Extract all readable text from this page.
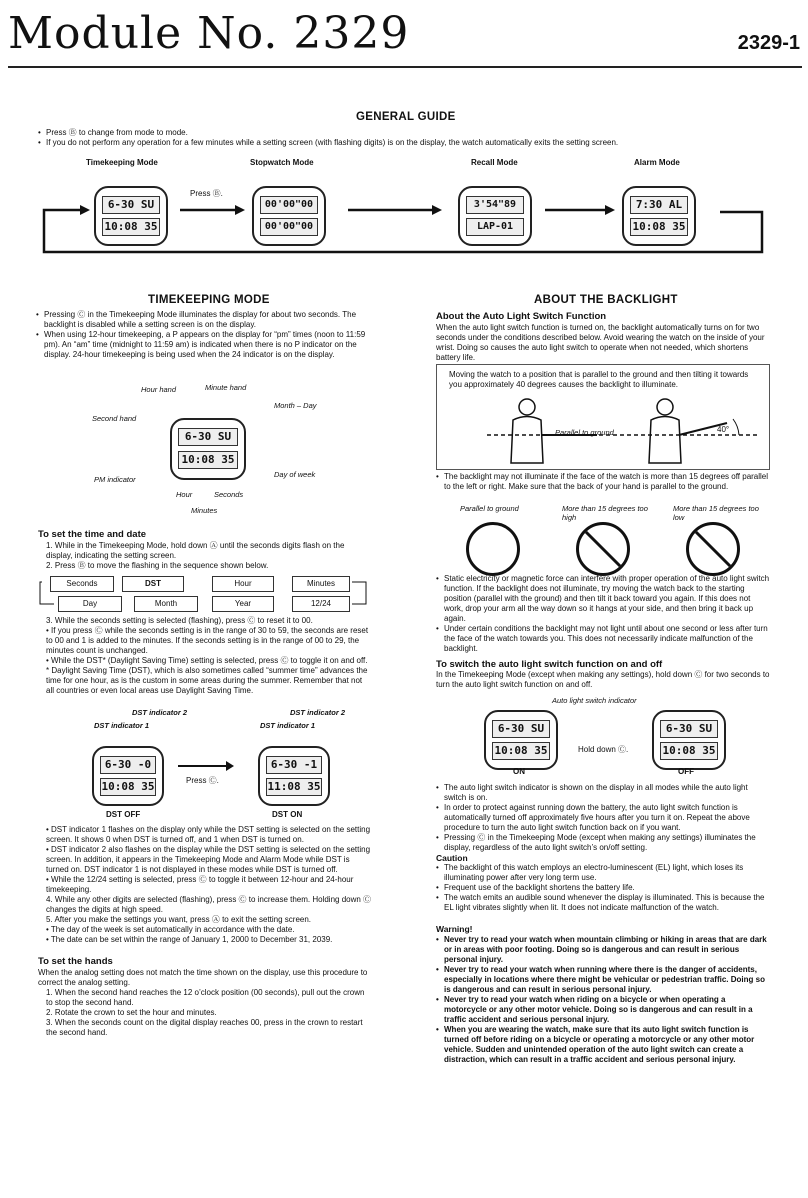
Module No. 2329	2329-1
GENERAL GUIDE
• Press Ⓑ to change from mode to mode.
• If you do not perform any operation for a few minutes while a setting screen (with flashing digits) is on the display, the watch automatically exits the setting screen.
Timekeeping Mode	Stopwatch Mode	Recall Mode	Alarm Mode
Press Ⓑ.
6-30 SU
10:08 35
00'00"00
00'00"00
3'54"89
LAP-01
7:30 AL
10:08 35
TIMEKEEPING MODE
• Pressing Ⓒ in the Timekeeping Mode illuminates the display for about two seconds. The backlight is disabled while a setting screen is on the display.
• When using 12-hour timekeeping, a P appears on the display for “pm” times (noon to 11:59 pm). An “am” time (midnight to 11:59 am) is indicated when there is no P indicator on the display. 24-hour timekeeping is being used when the 24 indicator is on the display.
Hour hand	Minute hand
Second hand
Month – Day
PM indicator
Day of week
Hour	Seconds
Minutes
6-30 SU
10:08 35
To set the time and date
1. While in the Timekeeping Mode, hold down Ⓐ until the seconds digits flash on the display, indicating the setting screen.
2. Press Ⓑ to move the flashing in the sequence shown below.
Seconds	DST	Hour	Minutes
Day	Month	Year	12/24
3. While the seconds setting is selected (flashing), press Ⓒ to reset it to 00.
• If you press Ⓒ while the seconds setting is in the range of 30 to 59, the seconds are reset to 00 and 1 is added to the minutes. If the seconds setting is in the range of 00 to 29, the minutes count is unchanged.
• While the DST* (Daylight Saving Time) setting is selected, press Ⓒ to toggle it on and off.
* Daylight Saving Time (DST), which is also sometimes called “summer time” advances the time for one hour, as is the custom in some areas during the summer. Remember that not all countries or even local areas use Daylight Saving Time.
DST indicator 2
DST indicator 1
DST indicator 2
DST indicator 1
6-30 -0
10:08 35	Press Ⓒ.
6-30 -1
11:08 35
DST OFF	DST ON
• DST indicator 1 flashes on the display only while the DST setting is selected on the setting screen. It shows 0 when DST is turned off, and 1 when DST is turned on.
• DST indicator 2 also flashes on the display while the DST setting is selected on the setting screen. In addition, it appears in the Timekeeping Mode and Alarm Mode while DST is turned on. DST indicator 1 is not displayed in these modes while DST is turned off.
• While the 12/24 setting is selected, press Ⓒ to toggle it between 12-hour and 24-hour timekeeping.
4. While any other digits are selected (flashing), press Ⓒ to increase them. Holding down Ⓒ changes the digits at high speed.
5. After you make the settings you want, press Ⓐ to exit the setting screen.
• The day of the week is set automatically in accordance with the date.
• The date can be set within the range of January 1, 2000 to December 31, 2039.
To set the hands
When the analog setting does not match the time shown on the display, use this procedure to correct the analog setting.
1. When the second hand reaches the 12 o’clock position (00 seconds), pull out the crown to stop the second hand.
2. Rotate the crown to set the hour and minutes.
3. When the seconds count on the digital display reaches 00, press in the crown to restart the second hand.
ABOUT THE BACKLIGHT
About the Auto Light Switch Function
When the auto light switch function is turned on, the backlight automatically turns on for two seconds under the conditions described below. Avoid wearing the watch on the inside of your wrist. Doing so causes the auto light switch to operate when not needed, which shortens battery life.
Moving the watch to a position that is parallel to the ground and then tilting it towards you approximately 40 degrees causes the backlight to illuminate.
Parallel to ground	40°
• The backlight may not illuminate if the face of the watch is more than 15 degrees off parallel to the left or right. Make sure that the back of your hand is parallel to the ground.
Parallel to ground	More than 15 degrees too high
More than 15 degrees too low
• Static electricity or magnetic force can interfere with proper operation of the auto light switch function. If the backlight does not illuminate, try moving the watch back to the starting position (parallel with the ground) and then tilt it back toward you again. If this does not work, drop your arm all the way down so it hangs at your side, and then bring it back up again.
• Under certain conditions the backlight may not light until about one second or less after turn the face of the watch towards you. This does not necessarily indicate malfunction of the backlight.
To switch the auto light switch function on and off
In the Timekeeping Mode (except when making any settings), hold down Ⓒ for two seconds to turn the auto light switch function on and off.
Auto light switch indicator
6-30 SU
10:08 35	Hold down Ⓒ.
6-30 SU
10:08 35
ON	OFF
• The auto light switch indicator is shown on the display in all modes while the auto light switch is on.
• In order to protect against running down the battery, the auto light switch function is automatically turned off approximately five hours after you turn it on. Repeat the above procedure to turn the auto light switch function back on if you want.
• Pressing Ⓒ in the Timekeeping Mode (except when making any settings) illuminates the display, regardless of the auto light switch’s on/off setting.
Caution
• The backlight of this watch employs an electro-luminescent (EL) light, which loses its illuminating power after very long term use.
• Frequent use of the backlight shortens the battery life.
• The watch emits an audible sound whenever the display is illuminated. This is because the EL light vibrates slightly when lit. It does not indicate malfunction of the watch.
Warning!
• Never try to read your watch when mountain climbing or hiking in areas that are dark or in areas with poor footing. Doing so is dangerous and can result in serious personal injury.
• Never try to read your watch when running where there is the danger of accidents, especially in locations where there might be vehicular or pedestrian traffic. Doing so is dangerous and can result in serious personal injury.
• Never try to read your watch when riding on a bicycle or when operating a motorcycle or any other motor vehicle. Doing so is dangerous and can result in a traffic accident and serious personal injury.
• When you are wearing the watch, make sure that its auto light switch function is turned off before riding on a bicycle or operating a motorcycle or any other motor vehicle. Sudden and unintended operation of the auto light switch can create a distraction, which can result in a traffic accident and serious personal injury.
